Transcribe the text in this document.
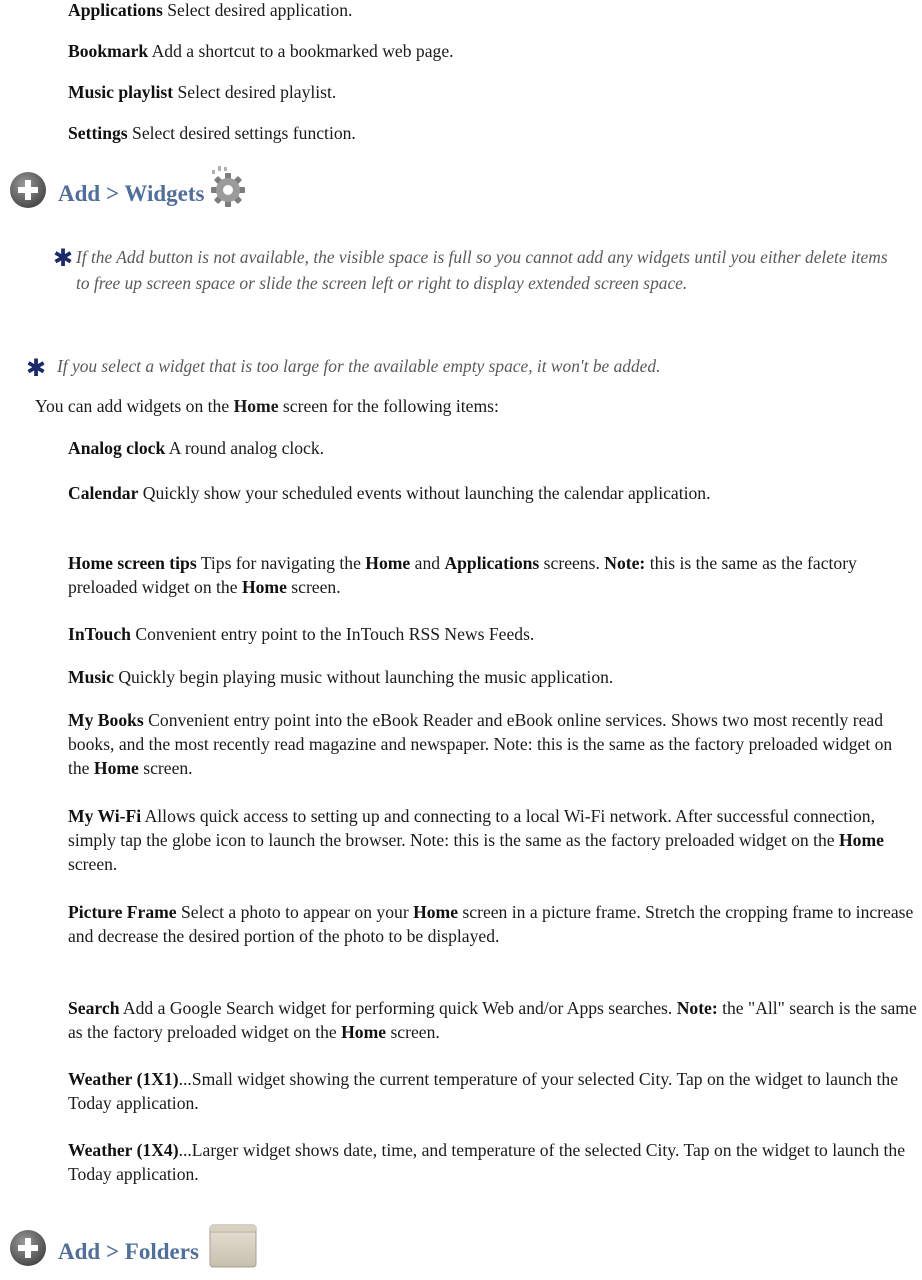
Applications Select desired application.

Bookmark Add a shortcut to a bookmarked web page.

Music playlist Select desired playlist.

Settings Select desired settings function.

Add > Widgets
✱ If the Add button is not available, the visible space is full so you cannot add any widgets until you either delete items to free up screen space or slide the screen left or right to display extended screen space.

✱ If you select a widget that is too large for the available empty space, it won't be added.

You can add widgets on the Home screen for the following items:

Analog clock A round analog clock.

Calendar Quickly show your scheduled events without launching the calendar application.

Home screen tips Tips for navigating the Home and Applications screens. Note: this is the same as the factory preloaded widget on the Home screen.

InTouch Convenient entry point to the InTouch RSS News Feeds.

Music Quickly begin playing music without launching the music application.

My Books Convenient entry point into the eBook Reader and eBook online services. Shows two most recently read books, and the most recently read magazine and newspaper. Note: this is the same as the factory preloaded widget on the Home screen.

My Wi-Fi Allows quick access to setting up and connecting to a local Wi-Fi network. After successful connection, simply tap the globe icon to launch the browser. Note: this is the same as the factory preloaded widget on the Home screen.

Picture Frame Select a photo to appear on your Home screen in a picture frame. Stretch the cropping frame to increase and decrease the desired portion of the photo to be displayed.

Search Add a Google Search widget for performing quick Web and/or Apps searches. Note: the "All" search is the same as the factory preloaded widget on the Home screen.

Weather (1X1)...Small widget showing the current temperature of your selected City. Tap on the widget to launch the Today application.

Weather (1X4)...Larger widget shows date, time, and temperature of the selected City. Tap on the widget to launch the Today application.

Add > Folders
